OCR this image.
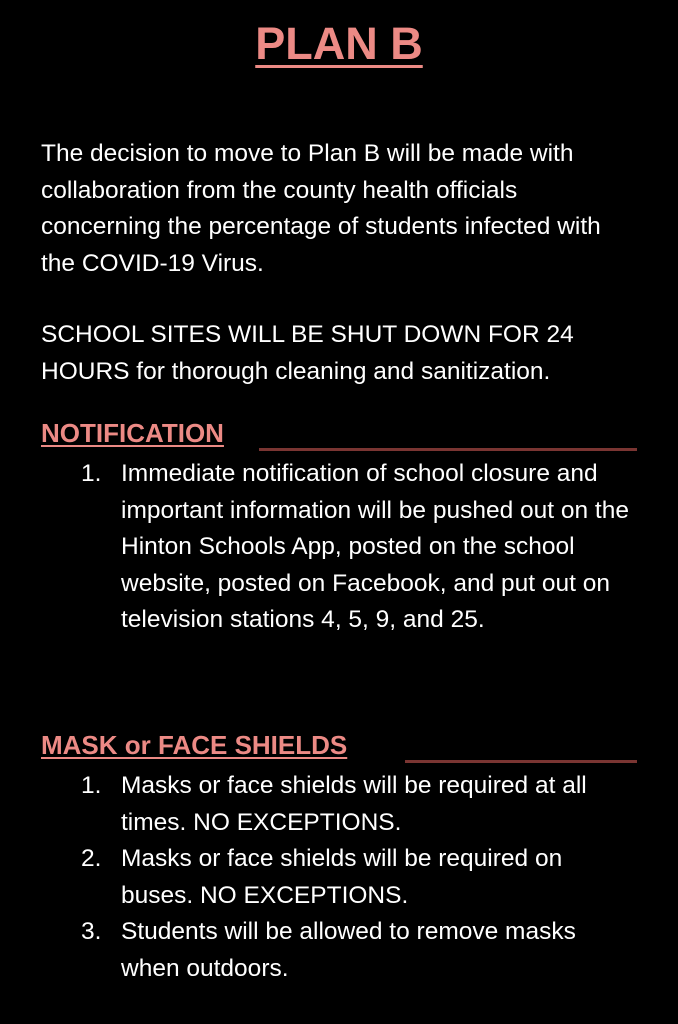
PLAN B

The decision to move to Plan B will be made with collaboration from the county health officials concerning the percentage of students infected with the COVID-19 Virus.

SCHOOL SITES WILL BE SHUT DOWN FOR 24 HOURS for thorough cleaning and sanitization.

NOTIFICATION
1. Immediate notification of school closure and important information will be pushed out on the Hinton Schools App, posted on the school website, posted on Facebook, and put out on television stations 4, 5, 9, and 25.
MASK or FACE SHIELDS
1. Masks or face shields will be required at all times. NO EXCEPTIONS.
2. Masks or face shields will be required on buses. NO EXCEPTIONS.
3. Students will be allowed to remove masks when outdoors.
